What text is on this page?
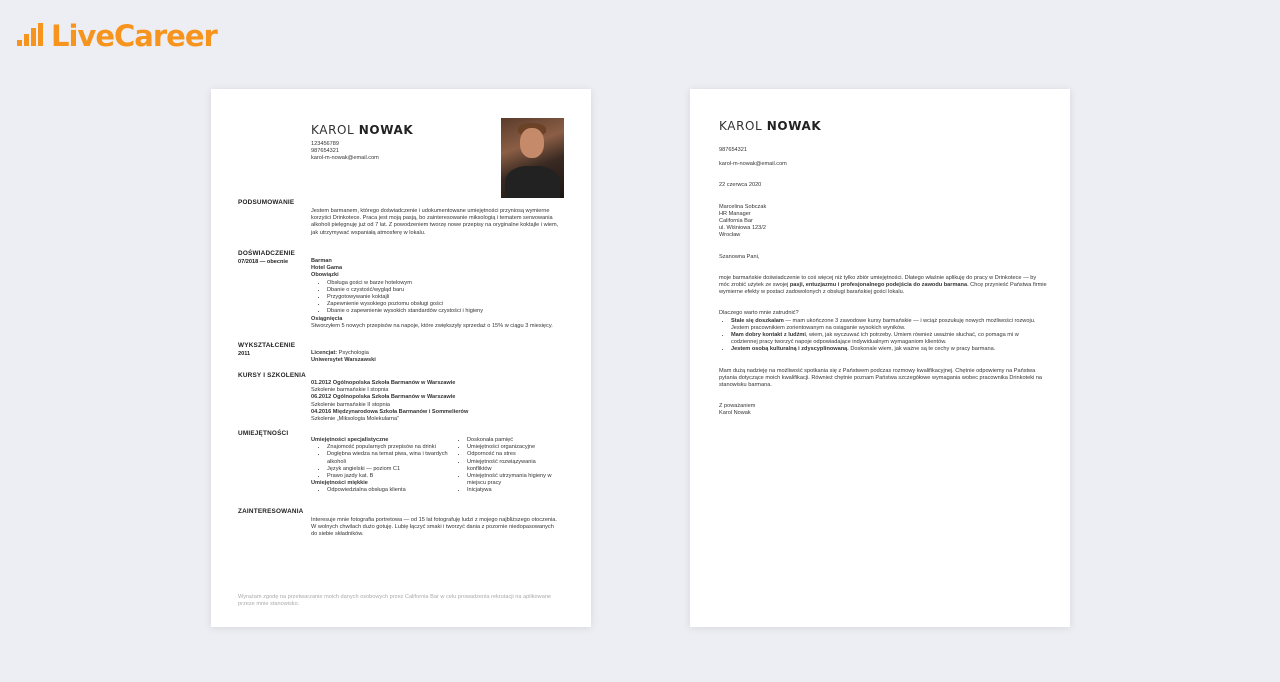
LiveCareer
KAROL NOWAK
123456789
987654321
karol-m-nowak@email.com
PODSUMOWANIE
Jestem barmanem, którego doświadczenie i udokumentowane umiejętności przyniosą wymierne korzyści Drinkotece. Praca jest moją pasją, bo zainteresowanie miksologią i tematem serwowania alkoholi pielęgnuję już od 7 lat. Z powodzeniem tworzę nowe przepisy na oryginalne koktajle i wiem, jak utrzymywać wspaniałą atmosferę w lokalu.
DOŚWIADCZENIE
07/2018 — obecnie	Barman
Hotel Gama
Obowiązki
• Obsługa gości w barze hotelowym
• Dbanie o czystość/wygląd baru
• Przygotowywanie koktajli
• Zapewnienie wysokiego poziomu obsługi gości
• Dbanie o zapewnienie wysokich standardów czystości i higieny
Osiągnięcia
Stworzyłem 5 nowych przepisów na napoje, które zwiększyły sprzedaż o 15% w ciągu 3 miesięcy.
WYKSZTAŁCENIE
2011	Licencjat: Psychologia
Uniwersytet Warszawski
KURSY I SZKOLENIA
01.2012 Ogólnopolska Szkoła Barmanów w Warszawie
Szkolenie barmańskie I stopnia
06.2012 Ogólnopolska Szkoła Barmanów w Warszawie
Szkolenie barmańskie II stopnia
04.2016 Międzynarodowa Szkoła Barmanów i Sommelierów
Szkolenie „Miksologia Molekularna”
UMIEJĘTNOŚCI
Umiejętności specjalistyczne
• Znajomość popularnych przepisów na drinki
• Dogłębna wiedza na temat piwa, wina i twardych alkoholi
• Język angielski — poziom C1
• Prawo jazdy kat. B
Umiejętności miękkie
• Odpowiedzialna obsługa klienta
• Doskonała pamięć
• Umiejętności organizacyjne
• Odporność na stres
• Umiejętność rozwiązywania konfliktów
• Umiejętność utrzymania higieny w miejscu pracy
• Inicjatywa
ZAINTERESOWANIA
Interesuje mnie fotografia portretowa — od 15 lat fotografuję ludzi z mojego najbliższego otoczenia. W wolnych chwilach dużo gotuję. Lubię łączyć smaki i tworzyć dania z pozornie niedopasowanych do siebie składników.
Wyrażam zgodę na przetwarzanie moich danych osobowych przez California Bar w celu prowadzenia rekrutacji na aplikowane przeze mnie stanowisko.
KAROL NOWAK

987654321

karol-m-nowak@email.com

22 czerwca 2020

Marcelina Sobczak

HR Manager

California Bar

ul. Wiśniowa 123/2

Wrocław

Szanowna Pani,

moje barmańskie doświadczenie to coś więcej niż tylko zbiór umiejętności. Dlatego właśnie aplikuję do pracy w Drinkotece — by móc zrobić użytek ze swojej pasji, entuzjazmu i profesjonalnego podejścia do zawodu barmana. Chcę przynieść Państwa firmie wymierne efekty w postaci zadowolonych z obsługi barańskiej gości lokalu.

Dlaczego warto mnie zatrudnić?

• Stale się doszkalam — mam ukończone 3 zawodowe kursy barmańskie — i wciąż poszukuję nowych możliwości rozwoju. Jestem pracownikiem zorientowanym na osiąganie wysokich wyników.
• Mam dobry kontakt z ludźmi, wiem, jak wyczuwać ich potrzeby. Umiem również uważnie słuchać, co pomaga mi w codziennej pracy tworzyć napoje odpowiadające indywidualnym wymaganiom klientów.
• Jestem osobą kulturalną i zdyscyplinowaną. Doskonale wiem, jak ważne są te cechy w pracy barmana.

Mam dużą nadzieję na możliwość spotkania się z Państwem podczas rozmowy kwalifikacyjnej. Chętnie odpowiemy na Państwa pytania dotyczące moich kwalifikacji. Również chętnie poznam Państwa szczegółowe wymagania wobec pracownika Drinkoteki na stanowisku barmana.

Z poważaniem

Karol Nowak
